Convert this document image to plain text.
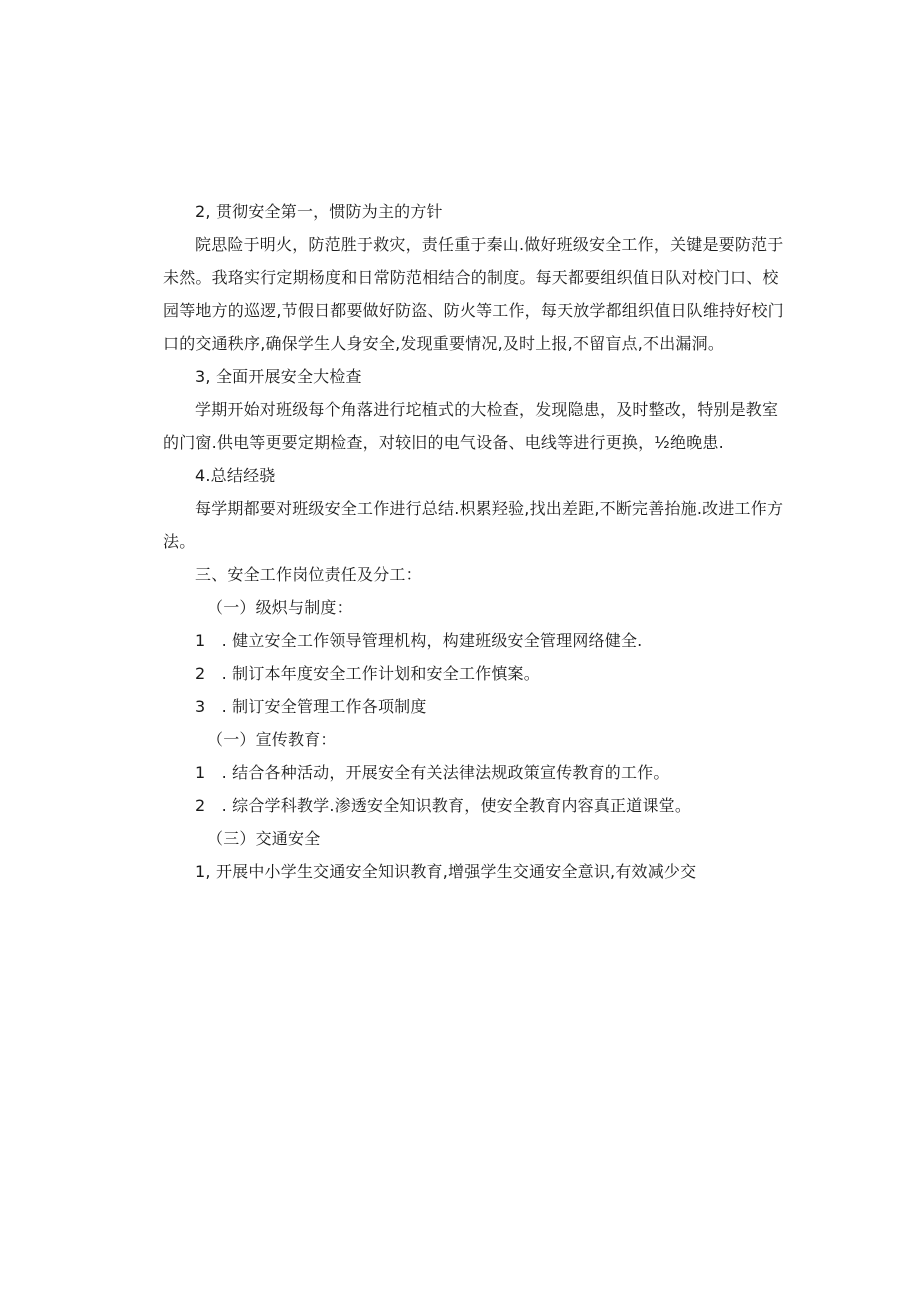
2, 贯彻安全第一，惯防为主的方针
院思险于明火，防范胜于救灾，责任重于秦山.做好班级安全工作，关键是要防范于
未然。我珞实行定期杨度和日常防范相结合的制度。每天都要组织值日队对校门口、校
园等地方的巡逻,节假日都要做好防盗、防火等工作，每天放学都组织值日队维持好校门
口的交通秩序,确保学生人身安全,发现重要情况,及时上报,不留盲点,不出漏洞。
3, 全面开展安全大检查
学期开始对班级每个角落进行坨植式的大检查，发现隐患，及时整改，特别是教室
的门窗.供电等更要定期检查，对较旧的电气设备、电线等进行更换，½绝晚患.
4.总结经骁
每学期都要对班级安全工作进行总结.枳累羟验,找出差距,不断完善抬施.改进工作方
法。
三、安全工作岗位责任及分工：
（一）级炽与制度：
1　. 健立安全工作领导管理机构，构建班级安全管理网络健全.
2　. 制订本年度安全工作计划和安全工作慎案。
3　. 制订安全管理工作各项制度
（一）宣传教育：
1　. 结合各种活动，开展安全有关法律法规政策宣传教育的工作。
2　. 综合学科教学.渗透安全知识教育，使安全教育内容真正道课堂。
（三）交通安全
1, 开展中小学生交通安全知识教育,增强学生交通安全意识,有效减少交
